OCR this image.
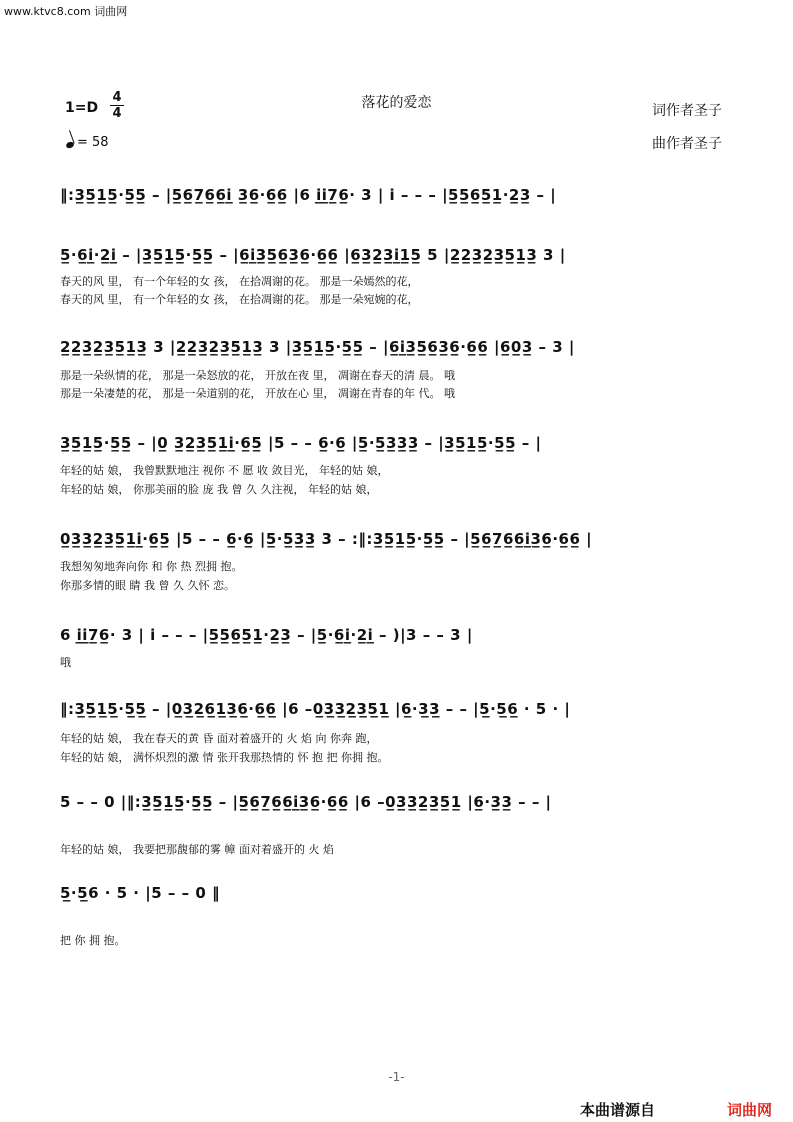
www.ktvc8.com 词曲网
落花的爱恋	词作者圣子
曲作者圣子
1=D
4
4
= 58
‖:3̲5̲1̲5̲·5̲5̲ – |5̲6̲7̲6̲6̲i̲ 3̲6̲·6̲6̲ |6 i̲i̲7̲6̲· 3 | i – – – |5̲5̲6̲5̲1̲·2̲3̲ – |
5̲·6̲i̲·2̲i̲ – |3̲5̲1̲5̲·5̲5̲ – |6̲i̲3̲5̲6̲3̲6̲·6̲6̲ |6̲3̲2̲3̲i̲1̲5̲ 5 |2̲2̲3̲2̲3̲5̲1̲3̲ 3 |
春天的风 里， 有一个年轻的女 孩， 在拾凋谢的花。 那是一朵嫣然的花，
春天的风 里， 有一个年轻的女 孩， 在拾凋谢的花。 那是一朵宛婉的花，
2̲2̲3̲2̲3̲5̲1̲3̲ 3 |2̲2̲3̲2̲3̲5̲1̲3̲ 3 |3̲5̲1̲5̲·5̲5̲ – |6̲i̲3̲5̲6̲3̲6̲·6̲6̲ |6̲0̲3̲ – 3 |
那是一朵纵情的花， 那是一朵怒放的花， 开放在夜 里， 凋谢在春天的清 晨。 哦
那是一朵凄楚的花， 那是一朵道别的花， 开放在心 里， 凋谢在青春的年 代。 哦
3̲5̲1̲5̲·5̲5̲ – |0̲ 3̲2̲3̲5̲1̲i̲·6̲5̲ |5 – – 6̲·6̲ |5̲·5̲3̲3̲3̲ – |3̲5̲1̲5̲·5̲5̲ – |
年轻的姑 娘， 我曾默默地注 视你 不 愿 收 敛目光， 年轻的姑 娘，
年轻的姑 娘， 你那美丽的脸 庞 我 曾 久 久注视， 年轻的姑 娘，
0̲3̲3̲2̲3̲5̲1̲i̲·6̲5̲ |5 – – 6̲·6̲ |5̲·5̲3̲3̲ 3 – :‖:3̲5̲1̲5̲·5̲5̲ – |5̲6̲7̲6̲6̲i̲3̲6̲·6̲6̲ |
我想匆匆地奔向你 和 你 热 烈拥 抱。
你那多情的眼 睛 我 曾 久 久怀 恋。
6 i̲i̲7̲6̲· 3 | i – – – |5̲5̲6̲5̲1̲·2̲3̲ – |5̲·6̲i̲·2̲i̲ – )|3 – – 3 |
哦
‖:3̲5̲1̲5̲·5̲5̲ – |0̲3̲2̲6̲1̲3̲6̲·6̲6̲ |6 –0̲3̲3̲2̲3̲5̲1̲ |6̲·3̲3̲ – – |5̲·5̲6̲ · 5 · |
年轻的姑 娘， 我在春天的黄 昏 面对着盛开的 火 焰 向 你奔 跑，
年轻的姑 娘， 满怀炽烈的激 情 张开我那热情的 怀 抱 把 你拥 抱。
5 – – 0 |‖:3̲5̲1̲5̲·5̲5̲ – |5̲6̲7̲6̲6̲i̲3̲6̲·6̲6̲ |6 –0̲3̲3̲2̲3̲5̲1̲ |6̲·3̲3̲ – – |
年轻的姑 娘， 我要把那馥郁的雾 幛 面对着盛开的 火 焰
5̲·5̲6 · 5 · |5 – – 0 ‖
把 你 拥 抱。
-1-
本曲谱源自	词曲网
